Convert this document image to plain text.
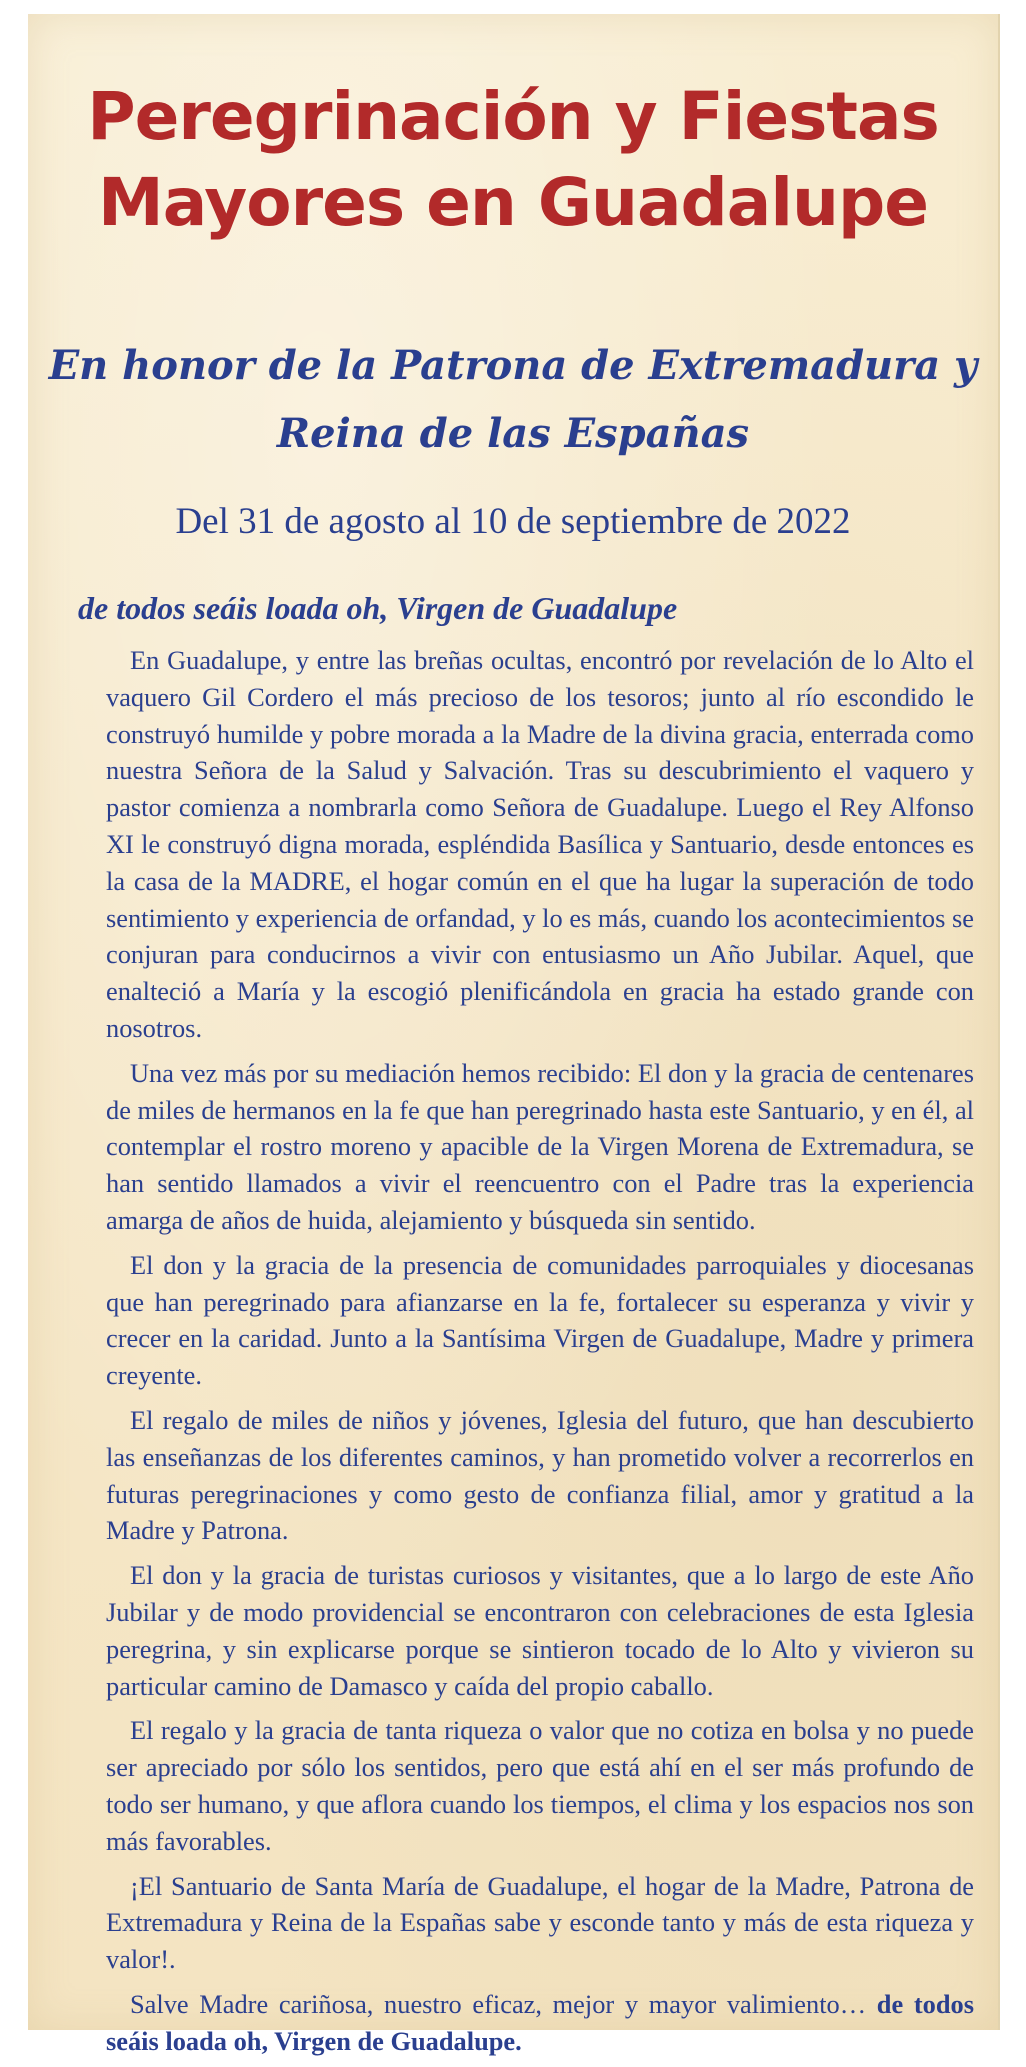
Peregrinación y Fiestas
Mayores en Guadalupe
En honor de la Patrona de Extremadura y
Reina de las Españas

Del 31 de agosto al 10 de septiembre de 2022

de todos seáis loada oh, Virgen de Guadalupe

En Guadalupe, y entre las breñas ocultas, encontró por revelación de lo Alto el vaquero Gil Cordero el más precioso de los tesoros; junto al río escondido le construyó humilde y pobre morada a la Madre de la divina gracia, enterrada como nuestra Señora de la Salud y Salvación. Tras su descubrimiento el vaquero y pastor comienza a nombrarla como Señora de Guadalupe. Luego el Rey Alfonso XI le construyó digna morada, espléndida Basílica y Santuario, desde entonces es la casa de la MADRE, el hogar común en el que ha lugar la superación de todo sentimiento y experiencia de orfandad, y lo es más, cuando los acontecimientos se conjuran para conducirnos a vivir con entusiasmo un Año Jubilar. Aquel, que enalteció a María y la escogió plenificándola en gracia ha estado grande con nosotros.

Una vez más por su mediación hemos recibido: El don y la gracia de centenares de miles de hermanos en la fe que han peregrinado hasta este Santuario, y en él, al contemplar el rostro moreno y apacible de la Virgen Morena de Extremadura, se han sentido llamados a vivir el reencuentro con el Padre tras la experiencia amarga de años de huida, alejamiento y búsqueda sin sentido.

El don y la gracia de la presencia de comunidades parroquiales y diocesanas que han peregrinado para afianzarse en la fe, fortalecer su esperanza y vivir y crecer en la caridad. Junto a la Santísima Virgen de Guadalupe, Madre y primera creyente.

El regalo de miles de niños y jóvenes, Iglesia del futuro, que han descubierto las enseñanzas de los diferentes caminos, y han prometido volver a recorrerlos en futuras peregrinaciones y como gesto de confianza filial, amor y gratitud a la Madre y Patrona.

El don y la gracia de turistas curiosos y visitantes, que a lo largo de este Año Jubilar y de modo providencial se encontraron con celebraciones de esta Iglesia peregrina, y sin explicarse porque se sintieron tocado de lo Alto y vivieron su particular camino de Damasco y caída del propio caballo.

El regalo y la gracia de tanta riqueza o valor que no cotiza en bolsa y no puede ser apreciado por sólo los sentidos, pero que está ahí en el ser más profundo de todo ser humano, y que aflora cuando los tiempos, el clima y los espacios nos son más favorables.

¡El Santuario de Santa María de Guadalupe, el hogar de la Madre, Patrona de Extremadura y Reina de la Españas sabe y esconde tanto y más de esta riqueza y valor!.

Salve Madre cariñosa, nuestro eficaz, mejor y mayor valimiento… de todos seáis loada oh, Virgen de Guadalupe.
